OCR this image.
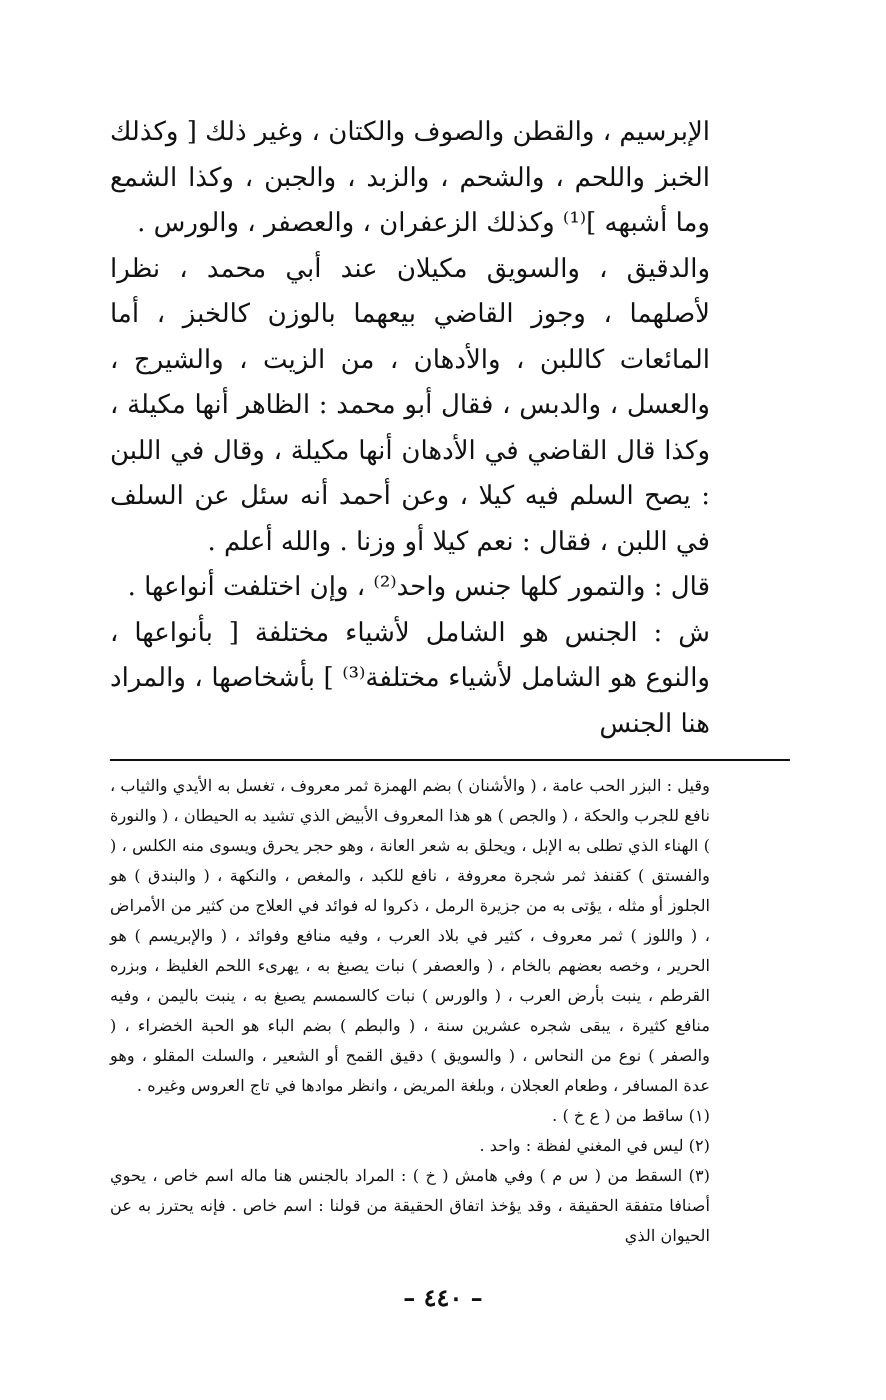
الإبرسيم ، والقطن والصوف والكتان ، وغير ذلك [ وكذلك الخبز واللحم ، والشحم ، والزبد ، والجبن ، وكذا الشمع وما أشبهه ]⁽¹⁾ وكذلك الزعفران ، والعصفر ، والورس .

والدقيق ، والسويق مكيلان عند أبي محمد ، نظرا لأصلهما ، وجوز القاضي بيعهما بالوزن كالخبز ، أما المائعات كاللبن ، والأدهان ، من الزيت ، والشيرج ، والعسل ، والدبس ، فقال أبو محمد : الظاهر أنها مكيلة ، وكذا قال القاضي في الأدهان أنها مكيلة ، وقال في اللبن : يصح السلم فيه كيلا ، وعن أحمد أنه سئل عن السلف في اللبن ، فقال : نعم كيلا أو وزنا . والله أعلم .

قال : والتمور كلها جنس واحد⁽²⁾ ، وإن اختلفت أنواعها .

ش : الجنس هو الشامل لأشياء مختلفة [ بأنواعها ، والنوع هو الشامل لأشياء مختلفة⁽³⁾ ] بأشخاصها ، والمراد هنا الجنس

وقيل : البزر الحب عامة ، ( والأشنان ) بضم الهمزة ثمر معروف ، تغسل به الأيدي والثياب ، نافع للجرب والحكة ، ( والجص ) هو هذا المعروف الأبيض الذي تشيد به الحيطان ، ( والنورة ) الهناء الذي تطلى به الإبل ، ويحلق به شعر العانة ، وهو حجر يحرق ويسوى منه الكلس ، ( والفستق ) كقنفذ ثمر شجرة معروفة ، نافع للكبد ، والمغص ، والنكهة ، ( والبندق ) هو الجلوز أو مثله ، يؤتى به من جزيرة الرمل ، ذكروا له فوائد في العلاج من كثير من الأمراض ، ( واللوز ) ثمر معروف ، كثير في بلاد العرب ، وفيه منافع وفوائد ، ( والإبريسم ) هو الحرير ، وخصه بعضهم بالخام ، ( والعصفر ) نبات يصبغ به ، يهرىء اللحم الغليظ ، وبزره القرطم ، ينبت بأرض العرب ، ( والورس ) نبات كالسمسم يصبغ به ، ينبت باليمن ، وفيه منافع كثيرة ، يبقى شجره عشرين سنة ، ( والبطم ) بضم الباء هو الحبة الخضراء ، ( والصفر ) نوع من النحاس ، ( والسويق ) دقيق القمح أو الشعير ، والسلت المقلو ، وهو عدة المسافر ، وطعام العجلان ، وبلغة المريض ، وانظر موادها في تاج العروس وغيره .

(١) ساقط من ( ع خ ) .

(٢) ليس في المغني لفظة : واحد .

(٣) السقط من ( س م ) وفي هامش ( خ ) : المراد بالجنس هنا ماله اسم خاص ، يحوي أصنافا متفقة الحقيقة ، وقد يؤخذ اتفاق الحقيقة من قولنا : اسم خاص . فإنه يحترز به عن الحيوان الذي

– ٤٤٠ –
